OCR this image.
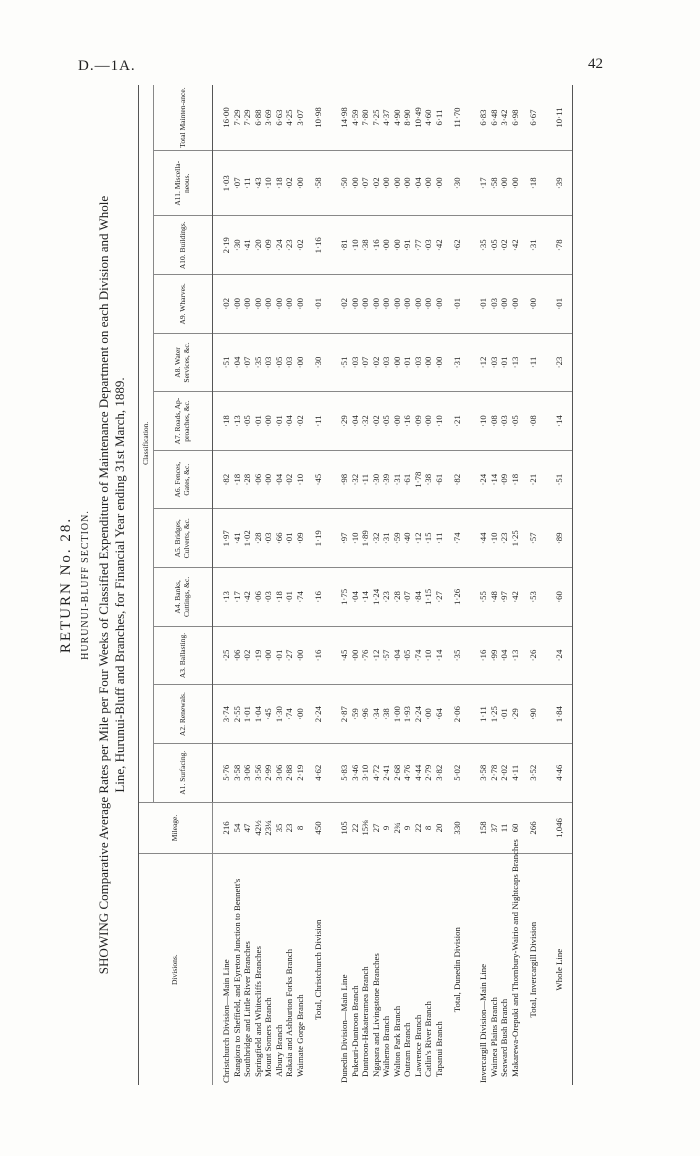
D.—1A.	42
RETURN No. 28. HURUNUI-BLUFF SECTION. SHOWING Comparative Average Rates per Mile per Four Weeks of Classified Expenditure of Maintenance Department on each Division and Whole Line, Hurunui-Bluff and Branches, for Financial Year ending 31st March, 1889.
Divisions.	Mileage.	Classification.											
		A1. Surfacing.	A2. Renewals.	A3. Ballasting.	A4. Banks, Cuttings, &c.	A5. Bridges, Culverts, &c.	A6. Fences, Gates, &c.	A7. Roads, Ap-proaches, &c.	A8. Water Services, &c.	A9. Wharves.	A10. Buildings.	A11. Miscella-neous.	Total Mainten-ance.

Christchurch Division—Main Line	216	5·76	3·74	·25	·13	1·97	·82	·18	·51	·02	2·19	1·03	16·00
Rangiora to Sheffield, and Eyreton Junction to Bennett's	54	3·58	2·55	·06	·17	·41	·18	·13	·04	·00	·30	·07	7·29
Southbridge and Little River Branches	47	3·06	1·01	·02	·42	1·02	·28	·05	·07	·00	·41	·11	7·29
Springfield and Whitecliffs Branches	42½	3·56	1·04	·19	·06	·28	·06	·01	·35	·00	·20	·43	6·88
Mount Somers Branch	23¼	2·99	·45	·00	·03	·03	·00	·00	·03	·00	·09	·10	3·69
Albury Branch	35	3·06	1·30	·01	·18	·66	·04	·01	·05	·00	·24	·18	6·63
Rakaia and Ashburton Forks Branch	23	2·88	·74	·27	·01	·01	·02	·04	·03	·00	·23	·02	4·25
Waimate Gorge Branch	8	2·19	·00	·00	·74	·09	·10	·02	·00	·00	·02	·00	3·07
Total, Christchurch Division	450	4·62	2·24	·16	·16	1·19	·45	·11	·30	·01	1·16	·58	10·98

Dunedin Division—Main Line	105	5·83	2·87	·45	1·75	·97	·98	·29	·51	·02	·81	·50	14·98
Pukeuri-Duntroon Branch	22	3·46	·59	·00	·04	·10	·32	·04	·03	·00	·10	·00	4·59
Duntroon-Hakateramea Branch	15⅜	3·10	·96	·76	·14	1·89	·11	·32	·07	·00	·38	·07	7·80
Ngapara and Livingstone Branches	27	4·72	·34	·12	1·24	·32	·30	·02	·02	·00	·16	·02	7·25
Waihemo Branch	9	2·41	·38	·57	·23	·31	·39	·05	·03	·00	·00	·00	4·37
Walton Park Branch	2¾	2·68	1·00	·04	·28	·59	·31	·00	·00	·00	·00	·00	4·90
Outram Branch	9	4·76	1·93	·05	·07	·40	·61	·16	·01	·00	·91	·00	8·90
Lawrence Branch	22	4·44	2·24	·74	·84	·12	1·78	·09	·03	·00	·77	·04	10·49
Catlin's River Branch	8	2·79	·00	·10	1·15	·15	·38	·00	·00	·00	·03	·00	4·60
Tapanui Branch	20	3·82	·64	·14	·27	·11	·61	·10	·00	·00	·42	·00	6·11
Total, Dunedin Division	330	5·02	2·06	·35	1·26	·74	·82	·21	·31	·01	·62	·30	11·70

Invercargill Division—Main Line	158	3·58	1·11	·16	·55	·44	·24	·10	·12	·01	·35	·17	6·83
Waimea Plains Branch	37	2·78	1·25	·99	·48	·10	·14	·08	·03	·03	·05	·58	6·48
Seaward Bush Branch	11	2·02	·01	·04	·97	·23	·09	·03	·01	·00	·02	·00	3·42
Makarewa-Orepuki and Thornbury-Wairio and Nightcaps Branches	60	4·11	·29	·13	·42	1·25	·18	·05	·13	·00	·42	·00	6·98
Total, Invercargill Division	266	3·52	·90	·26	·53	·57	·21	·08	·11	·00	·31	·18	6·67
Whole Line	1,046	4·46	1·84	·24	·60	·89	·51	·14	·23	·01	·78	·39	10·11
